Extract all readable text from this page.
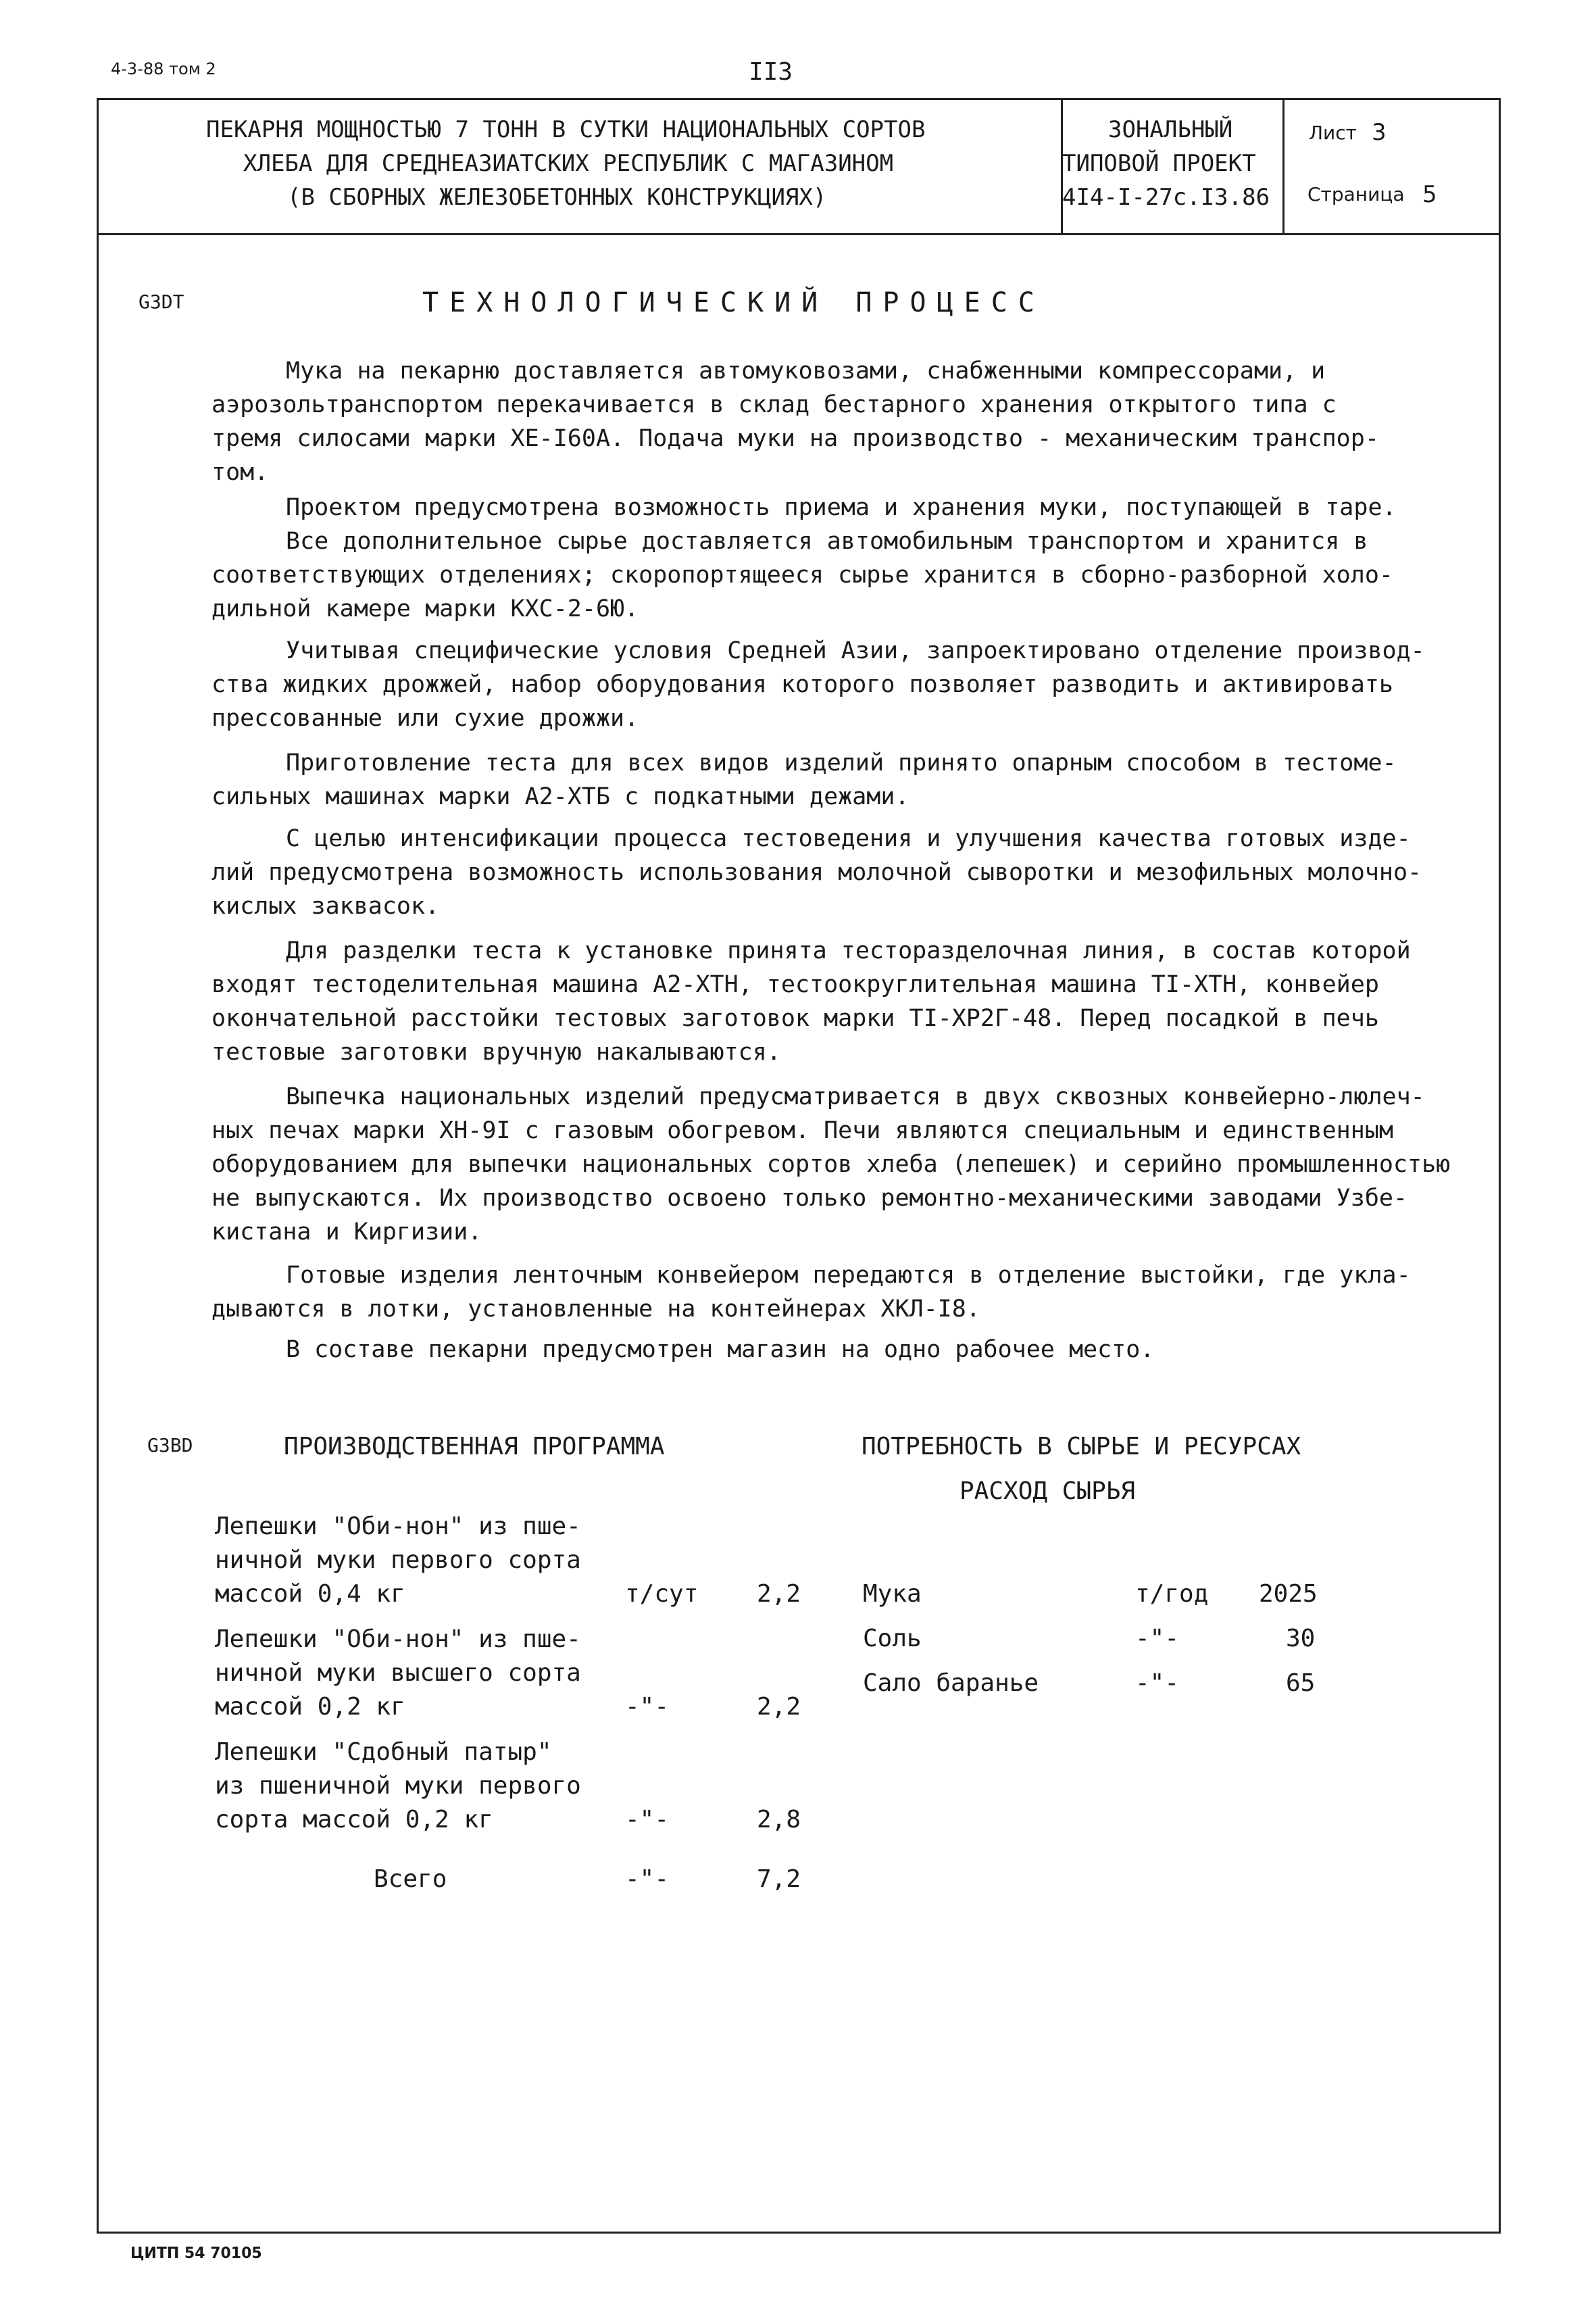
4-3-88 том 2	II3
ПЕКАРНЯ МОЩНОСТЬЮ 7 ТОНН В СУТКИ НАЦИОНАЛЬНЫХ СОРТОВ
ХЛЕБА ДЛЯ СРЕДНЕАЗИАТСКИХ РЕСПУБЛИК С МАГАЗИНОМ
(В СБОРНЫХ ЖЕЛЕЗОБЕТОННЫХ КОНСТРУКЦИЯХ)
ЗОНАЛЬНЫЙ
ТИПОВОЙ ПРОЕКТ
4I4-I-27с.I3.86
Лист 3
Страница 5
G3DT	ТЕХНОЛОГИЧЕСКИЙ ПРОЦЕСС
Мука на пекарню доставляется автомуковозами, снабженными компрессорами, и
аэрозольтранспортом перекачивается в склад бестарного хранения открытого типа с
тремя силосами марки ХЕ-I60А. Подача муки на производство - механическим транспор-
том.
Проектом предусмотрена возможность приема и хранения муки, поступающей в таре.
Все дополнительное сырье доставляется автомобильным транспортом и хранится в
соответствующих отделениях; скоропортящееся сырье хранится в сборно-разборной холо-
дильной камере марки КХС-2-6Ю.
Учитывая специфические условия Средней Азии, запроектировано отделение производ-
ства жидких дрожжей, набор оборудования которого позволяет разводить и активировать
прессованные или сухие дрожжи.
Приготовление теста для всех видов изделий принято опарным способом в тестоме-
сильных машинах марки А2-ХТБ с подкатными дежами.
С целью интенсификации процесса тестоведения и улучшения качества готовых изде-
лий предусмотрена возможность использования молочной сыворотки и мезофильных молочно-
кислых заквасок.
Для разделки теста к установке принята тесторазделочная линия, в состав которой
входят тестоделительная машина А2-ХТН, тестоокруглительная машина ТI-ХТН, конвейер
окончательной расстойки тестовых заготовок марки ТI-ХР2Г-48. Перед посадкой в печь
тестовые заготовки вручную накалываются.
Выпечка национальных изделий предусматривается в двух сквозных конвейерно-люлеч-
ных печах марки ХН-9I с газовым обогревом. Печи являются специальным и единственным
оборудованием для выпечки национальных сортов хлеба (лепешек) и серийно промышленностью
не выпускаются. Их производство освоено только ремонтно-механическими заводами Узбе-
кистана и Киргизии.
Готовые изделия ленточным конвейером передаются в отделение выстойки, где укла-
дываются в лотки, установленные на контейнерах ХКЛ-I8.
В составе пекарни предусмотрен магазин на одно рабочее место.
G3BD	ПРОИЗВОДСТВЕННАЯ ПРОГРАММА	ПОТРЕБНОСТЬ В СЫРЬЕ И РЕСУРСАХ
РАСХОД СЫРЬЯ
Лепешки "Оби-нон" из пше-
ничной муки первого сорта
массой 0,4 кг	т/сут 2,2
Лепешки "Оби-нон" из пше-
ничной муки высшего сорта
массой 0,2 кг	-"-	2,2
Лепешки "Сдобный патыр"
из пшеничной муки первого
сорта массой 0,2 кг	-"-	2,8
Всего	-"-	7,2
Мука	т/год 2025
Соль	-"-	30
Сало баранье	-"-	65
ЦИТП 54 70105
